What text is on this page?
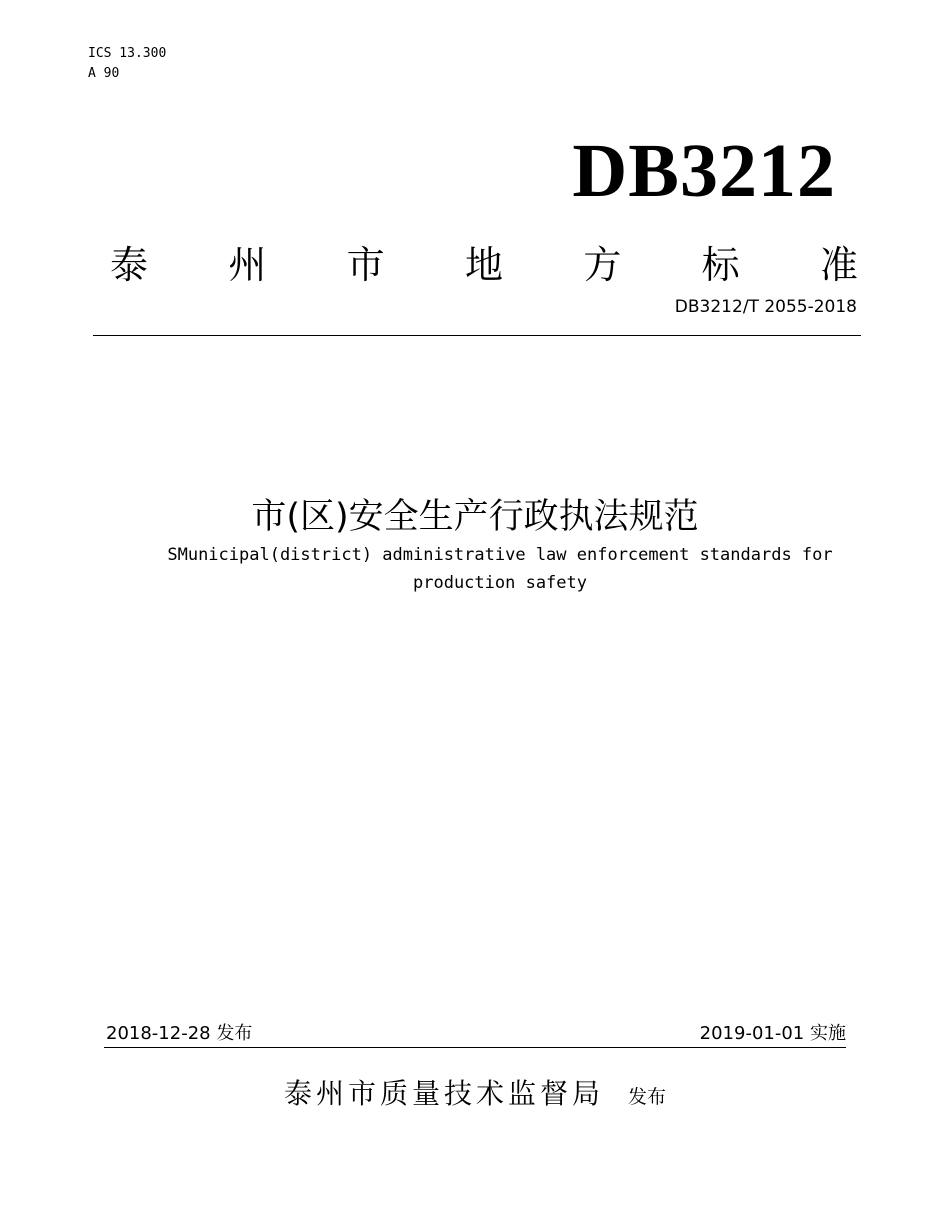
ICS 13.300
A 90
DB3212
泰 州 市 地 方 标 准
DB3212/T 2055-2018
市(区)安全生产行政执法规范
SMunicipal(district) administrative law enforcement standards for
production safety
2018-12-28 发布	2019-01-01 实施
泰州市质量技术监督局 发布
